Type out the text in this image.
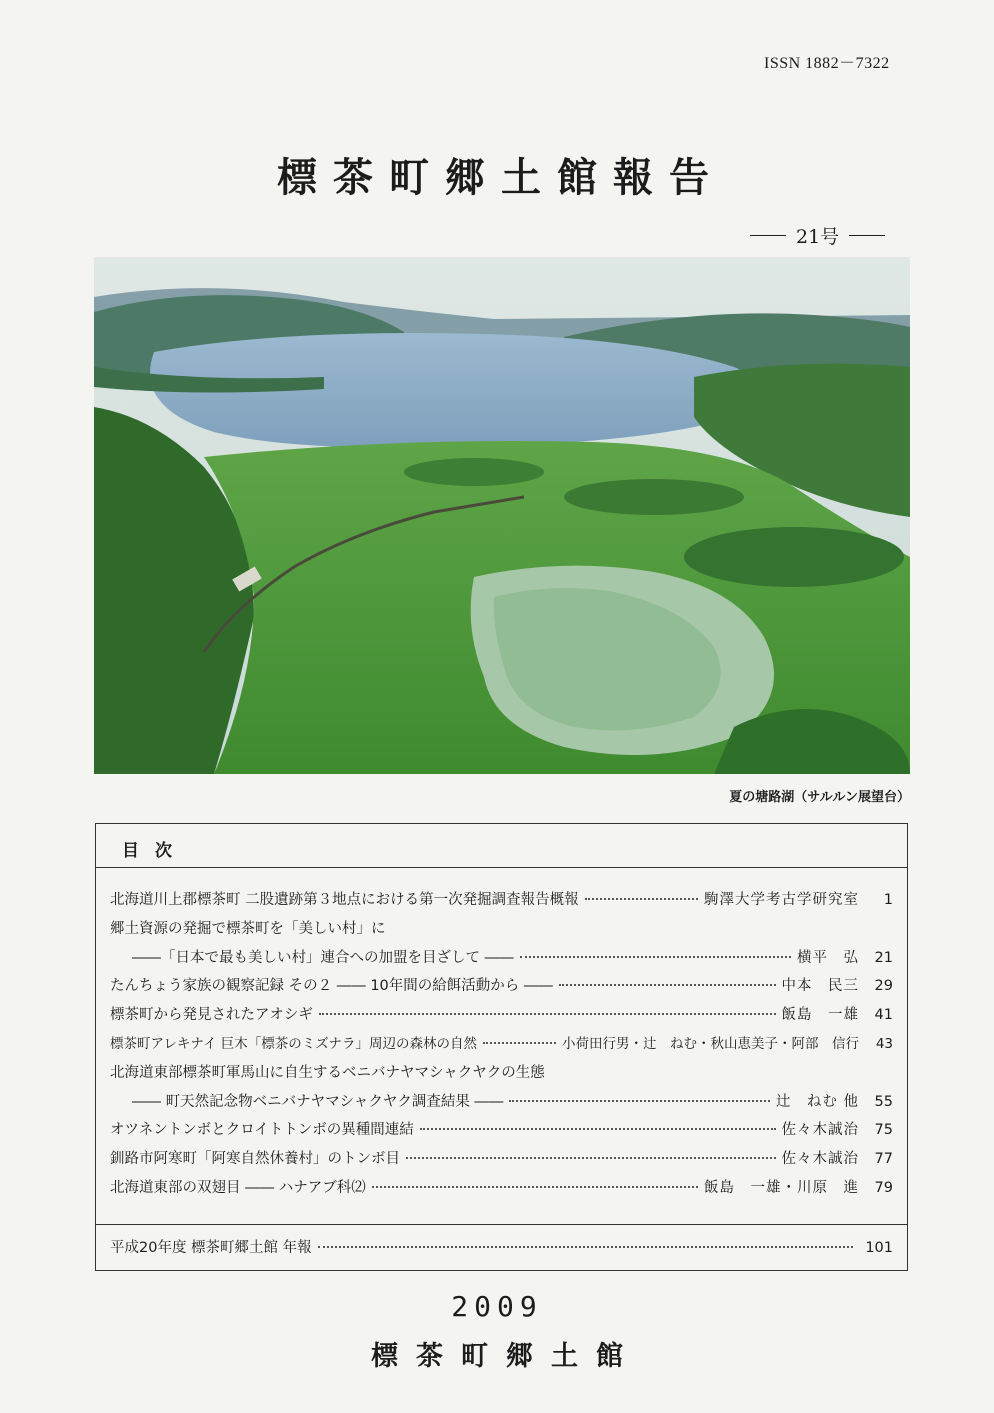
ISSN 1882－7322
標茶町郷土館報告
21号
夏の塘路湖（サルルン展望台）
目次
北海道川上郡標茶町 二股遺跡第３地点における第一次発掘調査報告概報	駒澤大学考古学研究室	1
郷土資源の発掘で標茶町を「美しい村」に
――「日本で最も美しい村」連合への加盟を目ざして ――	横平　弘	21
たんちょう家族の観察記録 その２ ―― 10年間の給餌活動から ――	中本　民三	29
標茶町から発見されたアオシギ	飯島　一雄	41
標茶町アレキナイ 巨木「標茶のミズナラ」周辺の森林の自然	小荷田行男・辻　ねむ・秋山恵美子・阿部　信行	43
北海道東部標茶町軍馬山に自生するベニバナヤマシャクヤクの生態
―― 町天然記念物ベニバナヤマシャクヤク調査結果 ――	辻　ねむ 他	55
オツネントンボとクロイトトンボの異種間連結	佐々木誠治	75
釧路市阿寒町「阿寒自然休養村」のトンボ目	佐々木誠治	77
北海道東部の双翅目 ―― ハナアブ科⑵	飯島　一雄・川原　進	79
平成20年度 標茶町郷土館 年報	101
2009
標茶町郷土館
